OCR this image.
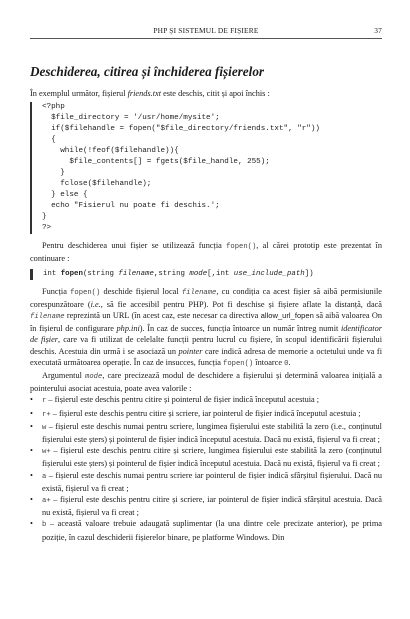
PHP ȘI SISTEMUL DE FIȘIERE	37
Deschiderea, citirea și închiderea fișierelor

În exemplul următor, fișierul friends.txt este deschis, citit și apoi închis :

<?php
$file_directory = '/usr/home/mysite';
if($filehandle = fopen("$file_directory/friends.txt", "r"))
{
while(!feof($filehandle)){
$file_contents[] = fgets($file_handle, 255);
}
fclose($filehandle);
} else {
echo "Fisierul nu poate fi deschis.';
}
?>

Pentru deschiderea unui fișier se utilizează funcția fopen(), al cărei prototip este prezentat în continuare :

int fopen(string filename,string mode[,int use_include_path])

Funcția fopen() deschide fișierul local filename, cu condiția ca acest fișier să aibă permisiunile corespunzătoare (i.e., să fie accesibil pentru PHP). Pot fi deschise și fișiere aflate la distanță, dacă filename reprezintă un URL (în acest caz, este necesar ca directiva allow_url_fopen să aibă valoarea On în fișierul de configurare php.ini). În caz de succes, funcția întoarce un număr întreg numit identificator de fișier, care va fi utilizat de celelalte funcții pentru lucrul cu fișiere, în scopul identificării fișierului deschis. Acestuia din urmă i se asociază un pointer care indică adresa de memorie a octetului unde va fi executată următoarea operație. În caz de insucces, funcția fopen() întoarce 0.

Argumentul mode, care precizează modul de deschidere a fișierului și determină valoarea inițială a pointerului asociat acestuia, poate avea valorile :

• r – fișierul este deschis pentru citire și pointerul de fișier indică începutul acestuia ;
• r+ – fișierul este deschis pentru citire și scriere, iar pointerul de fișier indică începutul acestuia ;
• w – fișierul este deschis numai pentru scriere, lungimea fișierului este stabilită la zero (i.e., conținutul fișierului este șters) și pointerul de fișier indică începutul acestuia. Dacă nu există, fișierul va fi creat ;
• w+ – fișierul este deschis pentru citire și scriere, lungimea fișierului este stabilită la zero (conținutul fișierului este șters) și pointerul de fișier indică începutul acestuia. Dacă nu există, fișierul va fi creat ;
• a – fișierul este deschis numai pentru scriere iar pointerul de fișier indică sfârșitul fișierului. Dacă nu există, fișierul va fi creat ;
• a+ – fișierul este deschis pentru citire și scriere, iar pointerul de fișier indică sfârșitul acestuia. Dacă nu există, fișierul va fi creat ;
• b – această valoare trebuie adaugată suplimentar (la una dintre cele precizate anterior), pe prima poziție, în cazul deschiderii fișierelor binare, pe platforme Windows. Din
